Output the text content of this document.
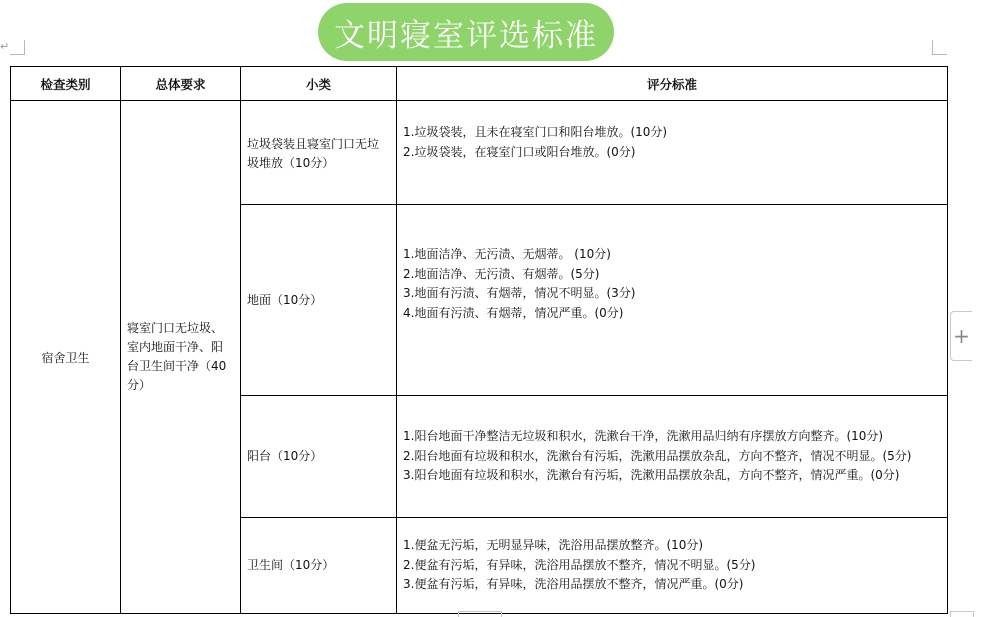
文明寝室评选标准
↵
检查类别	总体要求	小类	评分标准
宿舍卫生	寝室门口无垃圾、室内地面干净、阳台卫生间干净（40分）	垃圾袋装且寝室门口无垃圾堆放（10分）	1.垃圾袋装，且未在寝室门口和阳台堆放。(10分)
2.垃圾袋装，在寝室门口或阳台堆放。(0分)

		地面（10分）	1.地面洁净、无污渍、无烟蒂。 (10分)
2.地面洁净、无污渍、有烟蒂。(5分)
3.地面有污渍、有烟蒂，情况不明显。(3分)
4.地面有污渍、有烟蒂，情况严重。(0分)

		阳台（10分）	1.阳台地面干净整洁无垃圾和积水，洗漱台干净，洗漱用品归纳有序摆放方向整齐。(10分)
2.阳台地面有垃圾和积水，洗漱台有污垢，洗漱用品摆放杂乱，方向不整齐，情况不明显。(5分)
3.阳台地面有垃圾和积水，洗漱台有污垢，洗漱用品摆放杂乱，方向不整齐，情况严重。(0分)

		卫生间（10分）	1.便盆无污垢，无明显异味，洗浴用品摆放整齐。(10分)
2.便盆有污垢，有异味，洗浴用品摆放不整齐，情况不明显。(5分)
3.便盆有污垢，有异味，洗浴用品摆放不整齐，情况严重。(0分)
+
